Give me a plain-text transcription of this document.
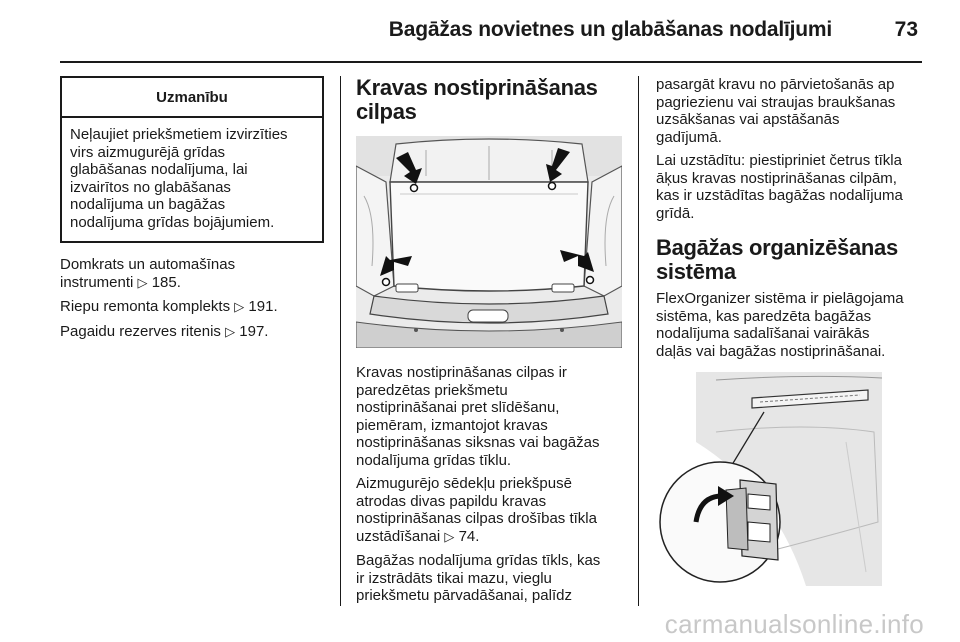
Bagāžas novietnes un glabāšanas nodalījumi	73
Uzmanību
Neļaujiet priekšmetiem izvirzīties
virs aizmugurējā grīdas
glabāšanas nodalījuma, lai
izvairītos no glabāšanas
nodalījuma un bagāžas
nodalījuma grīdas bojājumiem.

Domkrats un automašīnas
instrumenti ▷ 185.

Riepu remonta komplekts ▷ 191.

Pagaidu rezerves ritenis ▷ 197.

Kravas nostiprināšanas
cilpas

Kravas nostiprināšanas cilpas ir
paredzētas priekšmetu
nostiprināšanai pret slīdēšanu,
piemēram, izmantojot kravas
nostiprināšanas siksnas vai bagāžas
nodalījuma grīdas tīklu.

Aizmugurējo sēdekļu priekšpusē
atrodas divas papildu kravas
nostiprināšanas cilpas drošības tīkla
uzstādīšanai ▷ 74.

Bagāžas nodalījuma grīdas tīkls, kas
ir izstrādāts tikai mazu, vieglu
priekšmetu pārvadāšanai, palīdz

pasargāt kravu no pārvietošanās ap
pagriezienu vai straujas braukšanas
uzsākšanas vai apstāšanās
gadījumā.

Lai uzstādītu: piestipriniet četrus tīkla
āķus kravas nostiprināšanas cilpām,
kas ir uzstādītas bagāžas nodalījuma
grīdā.

Bagāžas organizēšanas
sistēma

FlexOrganizer sistēma ir pielāgojama
sistēma, kas paredzēta bagāžas
nodalījuma sadalīšanai vairākās
daļās vai bagāžas nostiprināšanai.

carmanualsonline.info
